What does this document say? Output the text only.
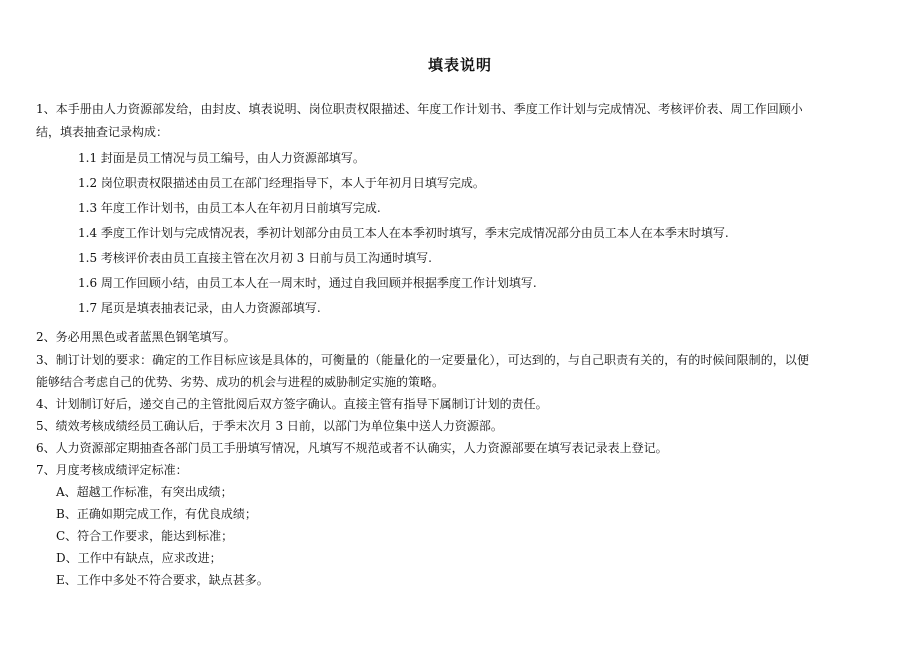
填表说明
1、本手册由人力资源部发给，由封皮、填表说明、岗位职责权限描述、年度工作计划书、季度工作计划与完成情况、考核评价表、周工作回顾小
结，填表抽查记录构成：
1.1 封面是员工情况与员工编号，由人力资源部填写。
1.2 岗位职责权限描述由员工在部门经理指导下，本人于年初月日填写完成。
1.3 年度工作计划书，由员工本人在年初月日前填写完成.
1.4 季度工作计划与完成情况表，季初计划部分由员工本人在本季初时填写，季末完成情况部分由员工本人在本季末时填写.
1.5 考核评价表由员工直接主管在次月初 3 日前与员工沟通时填写.
1.6 周工作回顾小结，由员工本人在一周末时，通过自我回顾并根据季度工作计划填写.
1.7 尾页是填表抽表记录，由人力资源部填写.
2、务必用黑色或者蓝黑色钢笔填写。
3、制订计划的要求：确定的工作目标应该是具体的，可衡量的（能量化的一定要量化），可达到的，与自己职责有关的，有的时候间限制的，以便
能够结合考虑自己的优势、劣势、成功的机会与进程的威胁制定实施的策略。
4、计划制订好后，递交自己的主管批阅后双方签字确认。直接主管有指导下属制订计划的责任。
5、绩效考核成绩经员工确认后，于季末次月 3 日前，以部门为单位集中送人力资源部。
6、人力资源部定期抽查各部门员工手册填写情况，凡填写不规范或者不认确实，人力资源部要在填写表记录表上登记。
7、月度考核成绩评定标准：
A、超越工作标准，有突出成绩；
B、正确如期完成工作，有优良成绩；
C、符合工作要求，能达到标准；
D、工作中有缺点，应求改进；
E、工作中多处不符合要求，缺点甚多。
